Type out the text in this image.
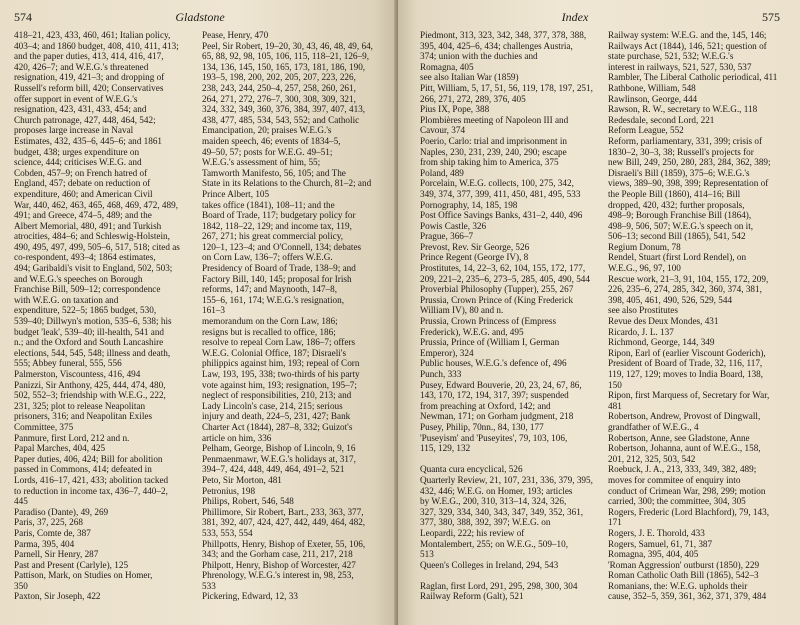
574	Gladstone
418–21, 423, 433, 460, 461; Italian policy,
403–4; and 1860 budget, 408, 410, 411, 413;
and the paper duties, 413, 414, 416, 417,
420, 426–7; and W.E.G.'s threatened
resignation, 419, 421–3; and dropping of
Russell's reform bill, 420; Conservatives
offer support in event of W.E.G.'s
resignation, 423, 431, 433, 454; and
Church patronage, 427, 448, 464, 542;
proposes large increase in Naval
Estimates, 432, 435–6, 445–6; and 1861
budget, 438; urges expenditure on
science, 444; criticises W.E.G. and
Cobden, 457–9; on French hatred of
England, 457; debate on reduction of
expenditure, 460; and American Civil
War, 440, 462, 463, 465, 468, 469, 472, 489,
491; and Greece, 474–5, 489; and the
Albert Memorial, 480, 491; and Turkish
atrocities, 484–6; and Schleswig-Holstein,
490, 495, 497, 499, 505–6, 517, 518; cited as
co-respondent, 493–4; 1864 estimates,
494; Garibaldi's visit to England, 502, 503;
and W.E.G.'s speeches on Borough
Franchise Bill, 509–12; correspondence
with W.E.G. on taxation and
expenditure, 522–5; 1865 budget, 530,
539–40; Dillwyn's motion, 535–6, 538; his
budget 'leak', 539–40; ill-health, 541 and
n.; and the Oxford and South Lancashire
elections, 544, 545, 548; illness and death,
555; Abbey funeral, 555, 556
Palmerston, Viscountess, 416, 494
Panizzi, Sir Anthony, 425, 444, 474, 480,
502, 552–3; friendship with W.E.G., 222,
231, 325; plot to release Neapolitan
prisoners, 316; and Neapolitan Exiles
Committee, 375
Panmure, first Lord, 212 and n.
Papal Marches, 404, 425
Paper duties, 406, 424; Bill for abolition
passed in Commons, 414; defeated in
Lords, 416–17, 421, 433; abolition tacked
to reduction in income tax, 436–7, 440–2,
445
Paradiso (Dante), 49, 269
Paris, 37, 225, 268
Paris, Comte de, 387
Parma, 395, 404
Parnell, Sir Henry, 287
Past and Present (Carlyle), 125
Pattison, Mark, on Studies on Homer,
350
Paxton, Sir Joseph, 422
Pease, Henry, 470
Peel, Sir Robert, 19–20, 30, 43, 46, 48, 49, 64,
65, 88, 92, 98, 105, 106, 115, 118–21, 126–9,
134, 136, 145, 150, 165, 173, 181, 186, 190,
193–5, 198, 200, 202, 205, 207, 223, 226,
238, 243, 244, 250–4, 257, 258, 260, 261,
264, 271, 272, 276–7, 300, 308, 309, 321,
324, 332, 349, 360, 376, 384, 397, 407, 413,
438, 477, 485, 534, 543, 552; and Catholic
Emancipation, 20; praises W.E.G.'s
maiden speech, 46; events of 1834–5,
49–50, 57; posts for W.E.G. 49–51;
W.E.G.'s assessment of him, 55;
Tamworth Manifesto, 56, 105; and The
State in its Relations to the Church, 81–2; and
Prince Albert, 105
takes office (1841), 108–11; and the
Board of Trade, 117; budgetary policy for
1842, 118–22, 129; and income tax, 119,
267, 271; his great commercial policy,
120–1, 123–4; and O'Connell, 134; debates
on Corn Law, 136–7; offers W.E.G.
Presidency of Board of Trade, 138–9; and
Factory Bill, 140, 145; proposal for Irish
reforms, 147; and Maynooth, 147–8,
155–6, 161, 174; W.E.G.'s resignation,
161–3
memorandum on the Corn Law, 186;
resigns but is recalled to office, 186;
resolve to repeal Corn Law, 186–7; offers
W.E.G. Colonial Office, 187; Disraeli's
philippics against him, 193; repeal of Corn
Law, 193, 195, 338; two-thirds of his party
vote against him, 193; resignation, 195–7;
neglect of responsibilities, 210, 213; and
Lady Lincoln's case, 214, 215; serious
injury and death, 224–5, 231, 427; Bank
Charter Act (1844), 287–8, 332; Guizot's
article on him, 336
Pelham, George, Bishop of Lincoln, 9, 16
Penmaenmawr, W.E.G.'s holidays at, 317,
394–7, 424, 448, 449, 464, 491–2, 521
Peto, Sir Morton, 481
Petronius, 198
Philips, Robert, 546, 548
Phillimore, Sir Robert, Bart., 233, 363, 377,
381, 392, 407, 424, 427, 442, 449, 464, 482,
533, 553, 554
Phillpotts, Henry, Bishop of Exeter, 55, 106,
343; and the Gorham case, 211, 217, 218
Philpott, Henry, Bishop of Worcester, 427
Phrenology, W.E.G.'s interest in, 98, 253,
533
Pickering, Edward, 12, 33
Index	575
Piedmont, 313, 323, 342, 348, 377, 378, 388,
395, 404, 425–6, 434; challenges Austria,
374; union with the duchies and
Romagna, 405
see also Italian War (1859)
Pitt, William, 5, 17, 51, 56, 119, 178, 197, 251,
266, 271, 272, 289, 376, 405
Pius IX, Pope, 388
Plombières meeting of Napoleon III and
Cavour, 374
Poerio, Carlo: trial and imprisonment in
Naples, 230, 231, 239, 240, 290; escape
from ship taking him to America, 375
Poland, 489
Porcelain, W.E.G. collects, 100, 275, 342,
349, 374, 377, 399, 411, 450, 481, 495, 533
Pornography, 14, 185, 198
Post Office Savings Banks, 431–2, 440, 496
Powis Castle, 326
Prague, 366–7
Prevost, Rev. Sir George, 526
Prince Regent (George IV), 8
Prostitutes, 14, 22–3, 62, 104, 155, 172, 177,
209, 221–2, 235–6, 273–5, 285, 405, 490, 544
Proverbial Philosophy (Tupper), 255, 267
Prussia, Crown Prince of (King Frederick
William IV), 80 and n.
Prussia, Crown Princess of (Empress
Frederick), W.E.G. and, 495
Prussia, Prince of (William I, German
Emperor), 324
Public houses, W.E.G.'s defence of, 496
Punch, 333
Pusey, Edward Bouverie, 20, 23, 24, 67, 86,
143, 170, 172, 194, 317, 397; suspended
from preaching at Oxford, 142; and
Newman, 171; on Gorham judgment, 218
Pusey, Philip, 70nn., 84, 130, 177
'Puseyism' and 'Puseyites', 79, 103, 106,
115, 129, 132
Quanta cura encyclical, 526
Quarterly Review, 21, 107, 231, 336, 379, 395,
432, 446; W.E.G. on Homer, 193; articles
by W.E.G., 200, 310, 313–14, 324, 326,
327, 329, 334, 340, 343, 347, 349, 352, 361,
377, 380, 388, 392, 397; W.E.G. on
Leopardi, 222; his review of
Montalembert, 255; on W.E.G., 509–10,
513
Queen's Colleges in Ireland, 294, 543
Raglan, first Lord, 291, 295, 298, 300, 304
Railway Reform (Galt), 521
Railway system: W.E.G. and the, 145, 146;
Railways Act (1844), 146, 521; question of
state purchase, 521, 532; W.E.G.'s
interest in railways, 521, 527, 530, 537
Rambler, The Liberal Catholic periodical, 411
Rathbone, William, 548
Rawlinson, George, 444
Rawson, R. W., secretary to W.E.G., 118
Redesdale, second Lord, 221
Reform League, 552
Reform, parliamentary, 331, 399; crisis of
1830–2, 30–3, 38; Russell's projects for
new Bill, 249, 250, 280, 283, 284, 362, 389;
Disraeli's Bill (1859), 375–6; W.E.G.'s
views, 389–90, 398, 399; Representation of
the People Bill (1860), 414–16; Bill
dropped, 420, 432; further proposals,
498–9; Borough Franchise Bill (1864),
498–9, 506, 507; W.E.G.'s speech on it,
506–13; second Bill (1865), 541, 542
Regium Donum, 78
Rendel, Stuart (first Lord Rendel), on
W.E.G., 96, 97, 100
Rescue work, 21–3, 91, 104, 155, 172, 209,
226, 235–6, 274, 285, 342, 360, 374, 381,
398, 405, 461, 490, 526, 529, 544
see also Prostitutes
Revue des Deux Mondes, 431
Ricardo, J. L. 137
Richmond, George, 144, 349
Ripon, Earl of (earlier Viscount Goderich),
President of Board of Trade, 32, 116, 117,
119, 127, 129; moves to India Board, 138,
150
Ripon, first Marquess of, Secretary for War,
481
Robertson, Andrew, Provost of Dingwall,
grandfather of W.E.G., 4
Robertson, Anne, see Gladstone, Anne
Robertson, Johanna, aunt of W.E.G., 158,
201, 212, 325, 503, 542
Roebuck, J. A., 213, 333, 349, 382, 489;
moves for commitee of enquiry into
conduct of Crimean War, 298, 299; motion
carried, 300; the committee, 304, 305
Rogers, Frederic (Lord Blachford), 79, 143,
171
Rogers, J. E. Thorold, 433
Rogers, Samuel, 61, 71, 387
Romagna, 395, 404, 405
'Roman Aggression' outburst (1850), 229
Roman Catholic Oath Bill (1865), 542–3
Romanians, the: W.E.G. upholds their
cause, 352–5, 359, 361, 362, 371, 379, 484
